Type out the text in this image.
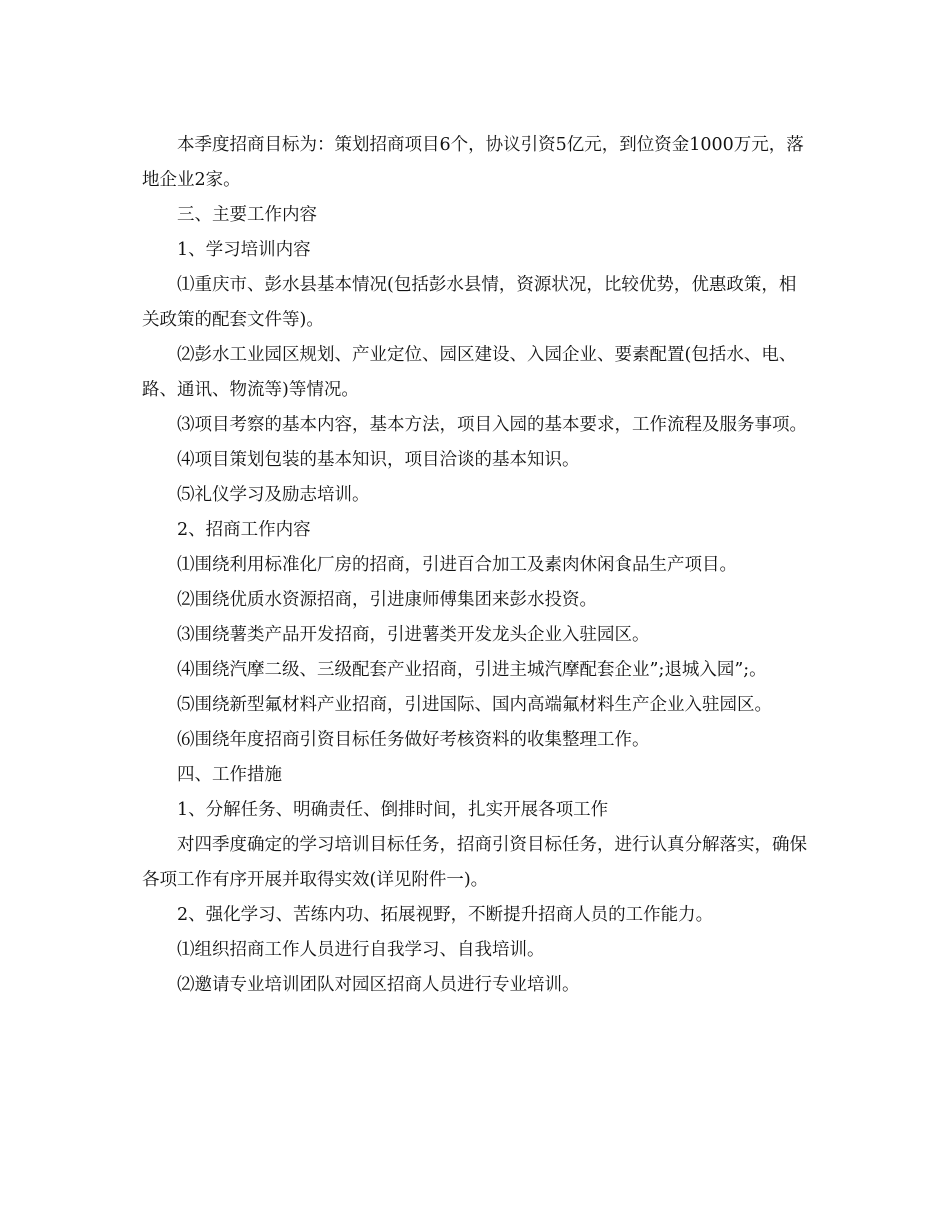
本季度招商目标为：策划招商项目6个，协议引资5亿元，到位资金1000万元，落地企业2家。

三、主要工作内容

1、学习培训内容

⑴重庆市、彭水县基本情况(包括彭水县情，资源状况，比较优势，优惠政策，相关政策的配套文件等)。

⑵彭水工业园区规划、产业定位、园区建设、入园企业、要素配置(包括水、电、路、通讯、物流等)等情况。

⑶项目考察的基本内容，基本方法，项目入园的基本要求，工作流程及服务事项。

⑷项目策划包装的基本知识，项目洽谈的基本知识。

⑸礼仪学习及励志培训。

2、招商工作内容

⑴围绕利用标准化厂房的招商，引进百合加工及素肉休闲食品生产项目。

⑵围绕优质水资源招商，引进康师傅集团来彭水投资。

⑶围绕薯类产品开发招商，引进薯类开发龙头企业入驻园区。

⑷围绕汽摩二级、三级配套产业招商，引进主城汽摩配套企业”;退城入园”;。

⑸围绕新型氟材料产业招商，引进国际、国内高端氟材料生产企业入驻园区。

⑹围绕年度招商引资目标任务做好考核资料的收集整理工作。

四、工作措施

1、分解任务、明确责任、倒排时间，扎实开展各项工作

对四季度确定的学习培训目标任务，招商引资目标任务，进行认真分解落实，确保各项工作有序开展并取得实效(详见附件一)。

2、强化学习、苦练内功、拓展视野，不断提升招商人员的工作能力。

⑴组织招商工作人员进行自我学习、自我培训。

⑵邀请专业培训团队对园区招商人员进行专业培训。
